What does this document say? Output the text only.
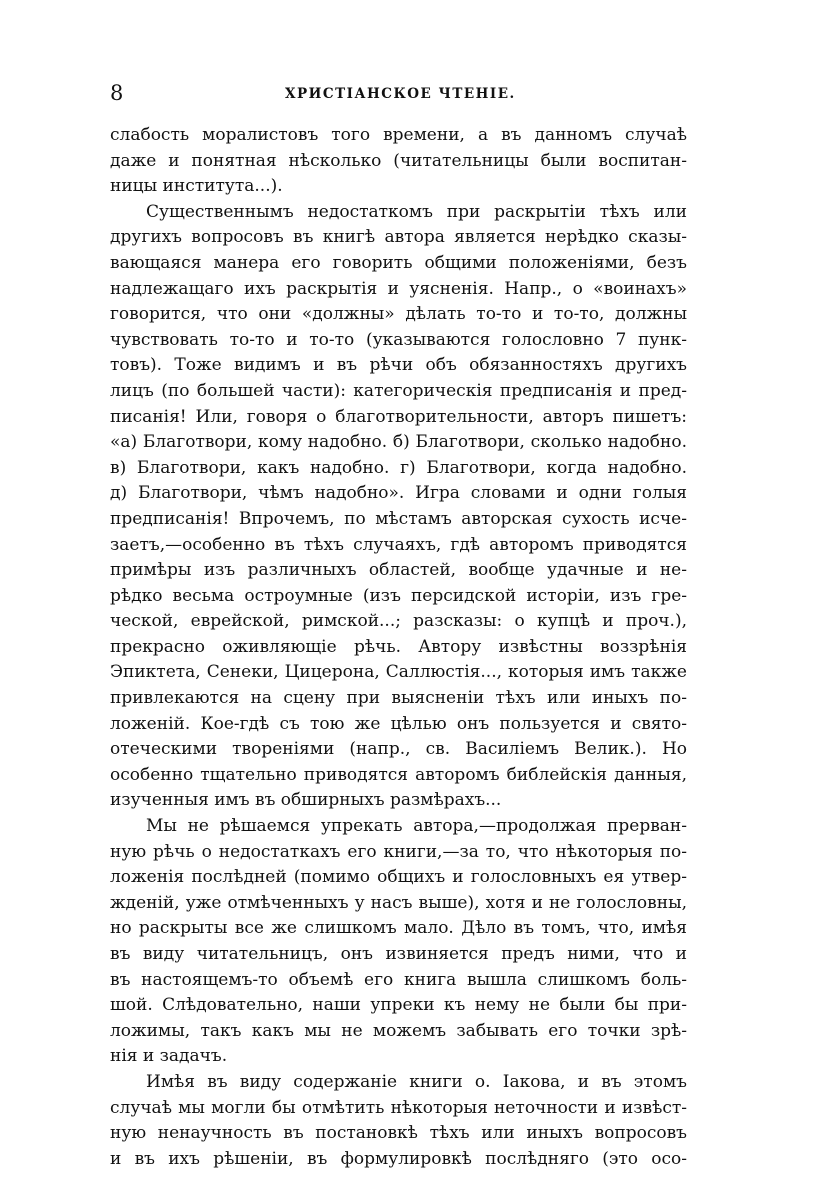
8	ХРИСТІАНСКОЕ ЧТЕНІЕ.
слабость моралистовъ того времени, а въ данномъ случаѣ
даже и понятная нѣсколько (читательницы были воспитан-
ницы института...).
Существеннымъ недостаткомъ при раскрытіи тѣхъ или
другихъ вопросовъ въ книгѣ автора является нерѣдко сказы-
вающаяся манера его говорить общими положеніями, безъ
надлежащаго ихъ раскрытія и уясненія. Напр., о «воинахъ»
говорится, что они «должны» дѣлать то-то и то-то, должны
чувствовать то-то и то-то (указываются голословно 7 пунк-
товъ). Тоже видимъ и въ рѣчи объ обязанностяхъ другихъ
лицъ (по большей части): категорическія предписанія и пред-
писанія! Или, говоря о благотворительности, авторъ пишетъ:
«а) Благотвори, кому надобно. б) Благотвори, сколько надобно.
в) Благотвори, какъ надобно. г) Благотвори, когда надобно.
д) Благотвори, чѣмъ надобно». Игра словами и одни голыя
предписанія! Впрочемъ, по мѣстамъ авторская сухость исче-
заетъ,—особенно въ тѣхъ случаяхъ, гдѣ авторомъ приводятся
примѣры изъ различныхъ областей, вообще удачные и не-
рѣдко весьма остроумные (изъ персидской исторіи, изъ гре-
ческой, еврейской, римской...; разсказы: о купцѣ и проч.),
прекрасно оживляющіе рѣчь. Автору извѣстны воззрѣнія
Эпиктета, Сенеки, Цицерона, Саллюстія..., которыя имъ также
привлекаются на сцену при выясненіи тѣхъ или иныхъ по-
ложеній. Кое-гдѣ съ тою же цѣлью онъ пользуется и свято-
отеческими твореніями (напр., св. Василіемъ Велик.). Но
особенно тщательно приводятся авторомъ библейскія данныя,
изученныя имъ въ обширныхъ размѣрахъ...
Мы не рѣшаемся упрекать автора,—продолжая прерван-
ную рѣчь о недостаткахъ его книги,—за то, что нѣкоторыя по-
ложенія послѣдней (помимо общихъ и голословныхъ ея утвер-
жденій, уже отмѣченныхъ у насъ выше), хотя и не голословны,
но раскрыты все же слишкомъ мало. Дѣло въ томъ, что, имѣя
въ виду читательницъ, онъ извиняется предъ ними, что и
въ настоящемъ-то объемѣ его книга вышла слишкомъ боль-
шой. Слѣдовательно, наши упреки къ нему не были бы при-
ложимы, такъ какъ мы не можемъ забывать его точки зрѣ-
нія и задачъ.
Имѣя въ виду содержаніе книги о. Іакова, и въ этомъ
случаѣ мы могли бы отмѣтить нѣкоторыя неточности и извѣст-
ную ненаучность въ постановкѣ тѣхъ или иныхъ вопросовъ
и въ ихъ рѣшеніи, въ формулировкѣ послѣдняго (это осо-
